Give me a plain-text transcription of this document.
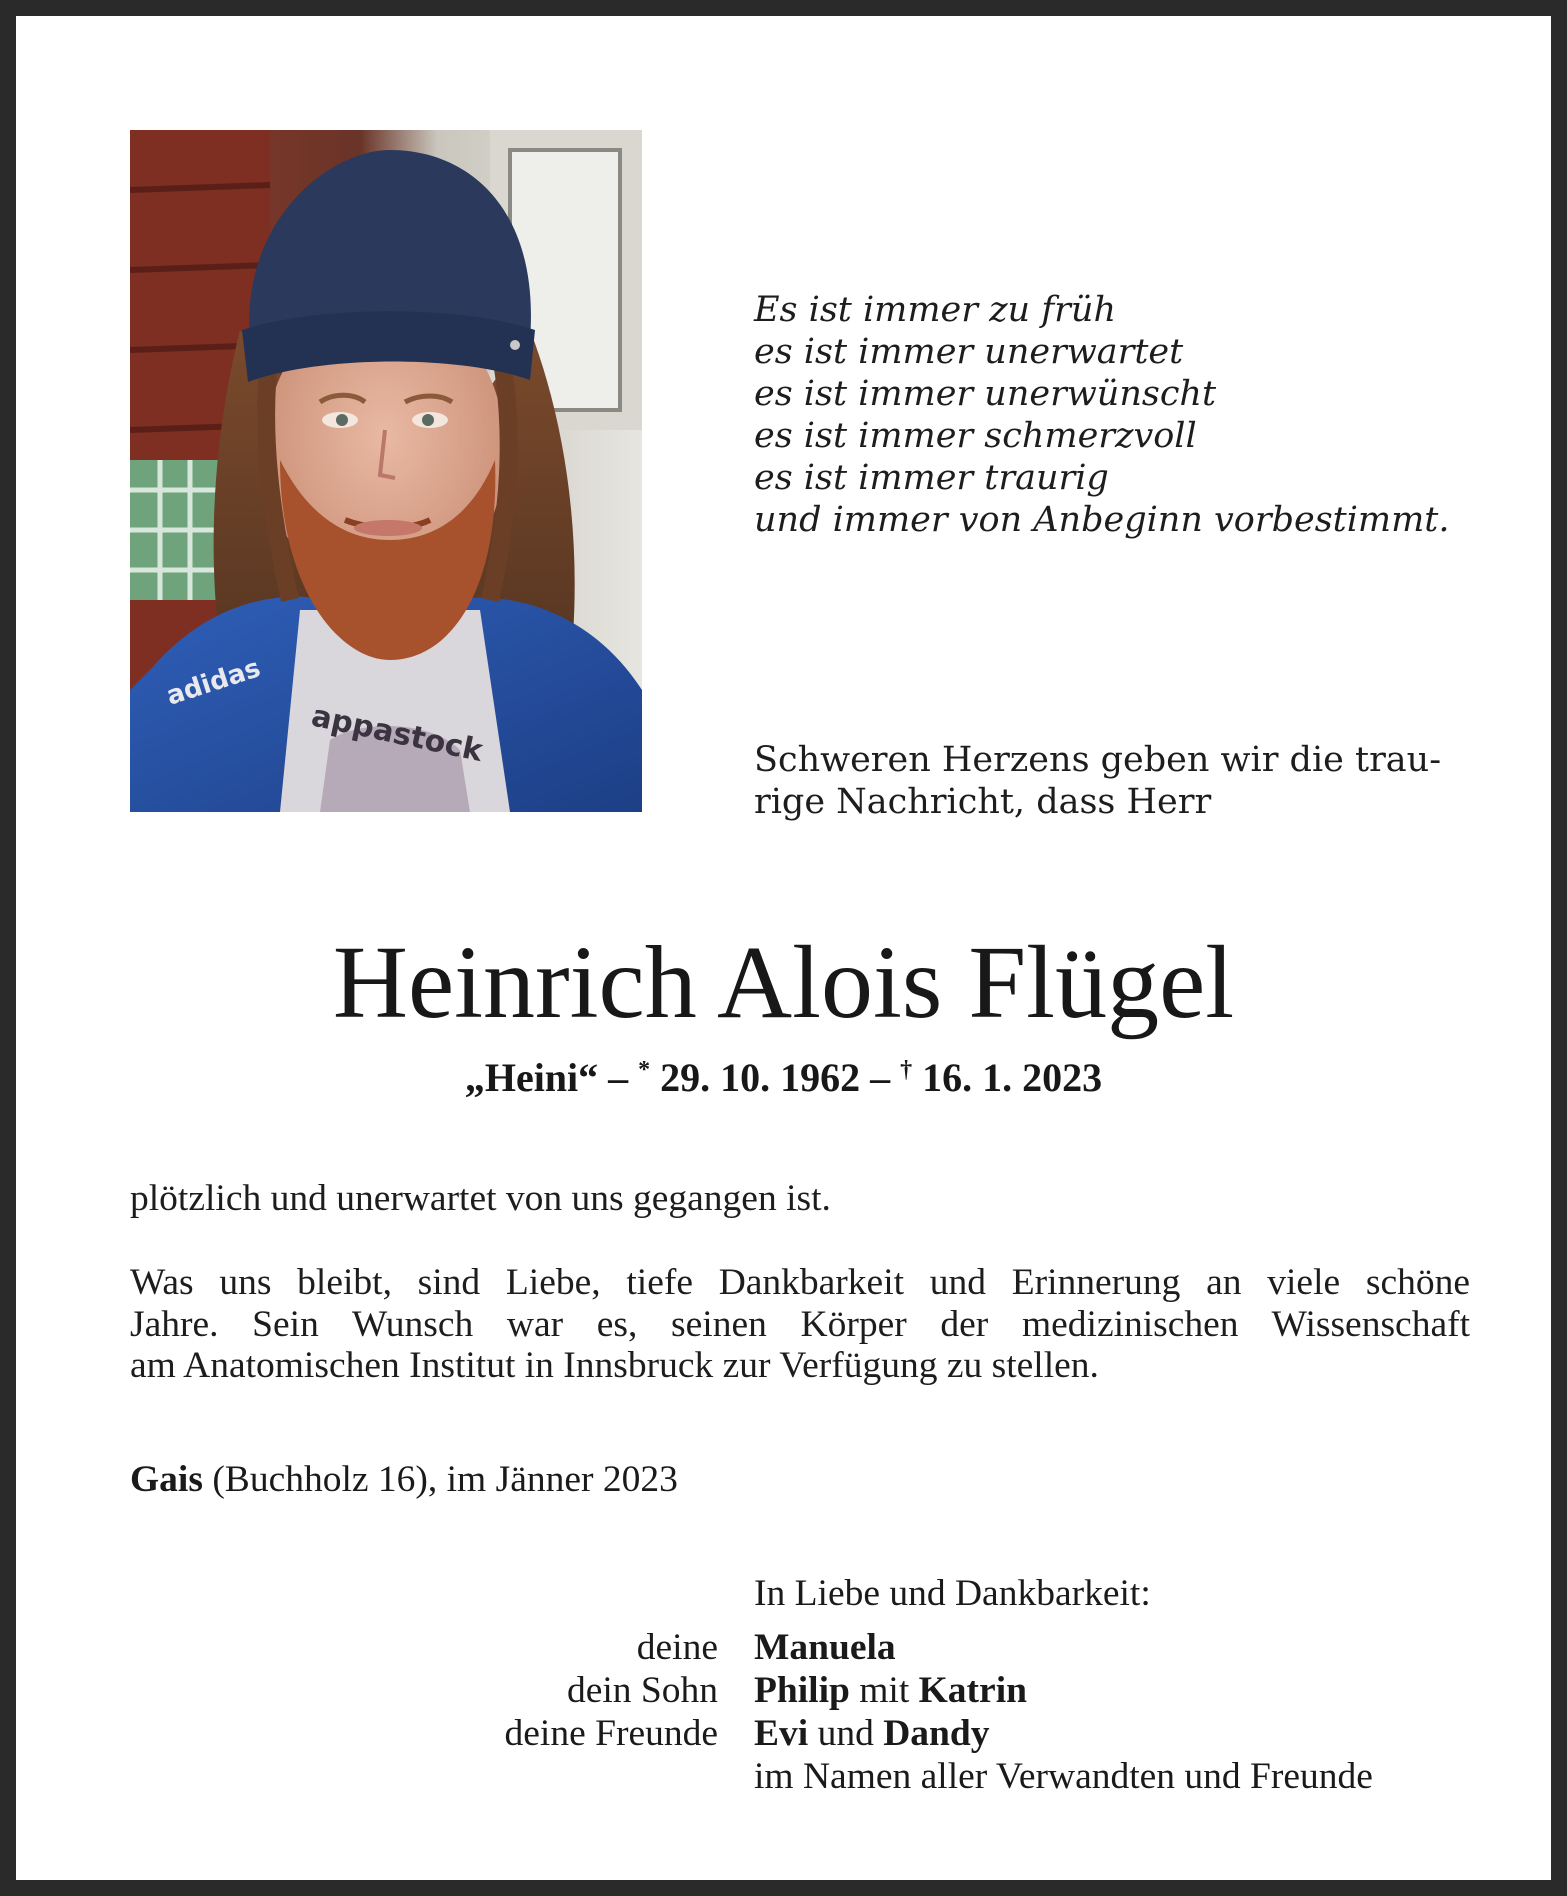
adidas
appastock
Es ist immer zu früh
es ist immer unerwartet
es ist immer unerwünscht
es ist immer schmerzvoll
es ist immer traurig
und immer von Anbeginn vorbestimmt.
Schweren Herzens geben wir die trau-
rige Nachricht, dass Herr
Heinrich Alois Flügel
„Heini“ – * 29. 10. 1962 – † 16. 1. 2023
plötzlich und unerwartet von uns gegangen ist.
Was uns bleibt, sind Liebe, tiefe Dankbarkeit und Erinnerung an viele schöne
Jahre. Sein Wunsch war es, seinen Körper der medizinischen Wissenschaft
am Anatomischen Institut in Innsbruck zur Verfügung zu stellen.
Gais (Buchholz 16), im Jänner 2023
In Liebe und Dankbarkeit:
deine Manuela
dein Sohn Philip mit Katrin
deine Freunde Evi und Dandy
im Namen aller Verwandten und Freunde
